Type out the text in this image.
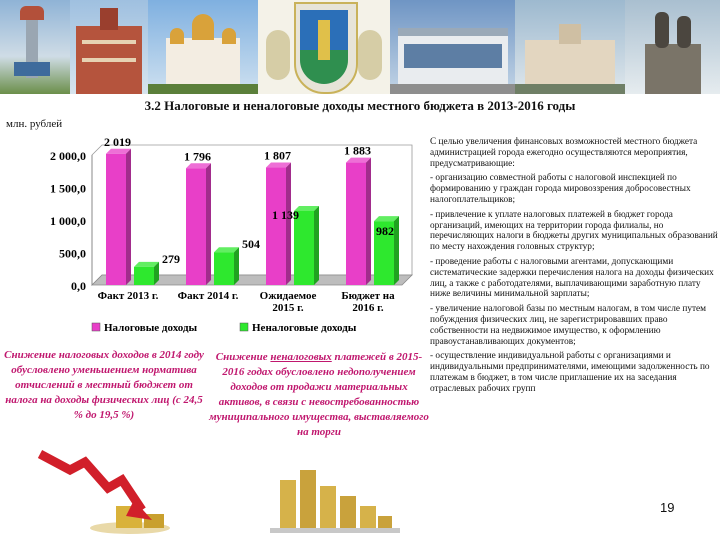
3.2 Налоговые и неналоговые доходы местного бюджета в 2013-2016 годы
млн. рублей
0,0
500,0
1 000,0
1 500,0
2 000,0
2 019
279
Факт 2013 г.
1 796
504
Факт 2014 г.
1 807
1 139
Ожидаемое
2015 г.
1 883
982
Бюджет на
2016 г.
Налоговые доходы	Неналоговые доходы
Снижение налоговых доходов в 2014 году обусловлено уменьшением норматива отчислений в местный бюджет от налога на доходы физических лиц (с 24,5 % до 19,5 %)
Снижение неналоговых платежей в 2015-2016 годах обусловлено недополучением доходов от продажи материальных активов, в связи с невостребованностью муниципального имущества, выставляемого на торги

С целью увеличения финансовых возможностей местного бюджета администрацией города ежегодно осуществляются мероприятия, предусматривающие:

- организацию совместной работы с налоговой инспекцией по формированию у граждан города мировоззрения добросовестных налогоплательщиков;

- привлечение к уплате налоговых платежей в бюджет города организаций, имеющих на территории города филиалы, но перечисляющих налоги в бюджеты других муниципальных образований по месту нахождения головных структур;

- проведение работы с налоговыми агентами, допускающими систематические задержки перечисления налога на доходы физических лиц, а также с работодателями, выплачивающими заработную плату ниже величины минимальной зарплаты;

- увеличение налоговой базы по местным налогам, в том числе путем побуждения физических лиц, не зарегистрировавших право собственности на недвижимое имущество, к оформлению правоустанавливающих документов;

- осуществление индивидуальной работы с организациями и индивидуальными предпринимателями, имеющими задолженность по платежам в бюджет, в том числе приглашение их на заседания отраслевых рабочих групп

19
